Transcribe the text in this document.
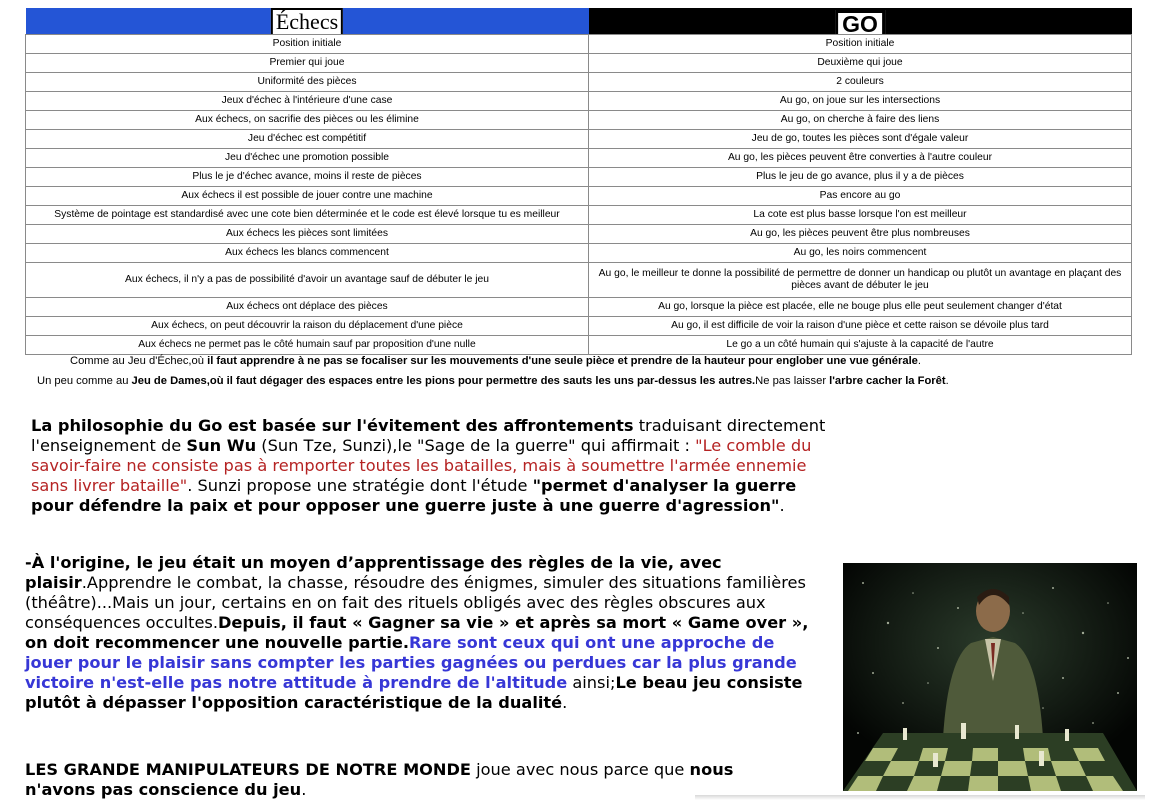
Échecs	GO

Position initiale	Position initiale
Premier qui joue	Deuxième qui joue
Uniformité des pièces	2 couleurs
Jeux d'échec à l'intérieure d'une case	Au go, on joue sur les intersections
Aux échecs, on sacrifie des pièces ou les élimine	Au go, on cherche à faire des liens
Jeu d'échec est compétitif	Jeu de go, toutes les pièces sont d'égale valeur
Jeu d'échec une promotion possible	Au go, les pièces peuvent être converties à l'autre couleur
Plus le je d'échec avance, moins il reste de pièces	Plus le jeu de go avance, plus il y a de pièces
Aux échecs il est possible de jouer contre une machine	Pas encore au go
Système de pointage est standardisé avec une cote bien déterminée et le code est élevé lorsque tu es meilleur	La cote est plus basse lorsque l'on est meilleur
Aux échecs les pièces sont limitées	Au go, les pièces peuvent être plus nombreuses
Aux échecs les blancs commencent	Au go, les noirs commencent
Aux échecs, il n'y a pas de possibilité d'avoir un avantage sauf de débuter le jeu	Au go, le meilleur te donne la possibilité de permettre de donner un handicap ou plutôt un avantage en plaçant des pièces avant de débuter le jeu
Aux échecs ont déplace des pièces	Au go, lorsque la pièce est placée, elle ne bouge plus elle peut seulement changer d'état
Aux échecs, on peut découvrir la raison du déplacement d'une pièce	Au go, il est difficile de voir la raison d'une pièce et cette raison se dévoile plus tard
Aux échecs ne permet pas le côté humain sauf par proposition d'une nulle	Le go a un côté humain qui s'ajuste à la capacité de l'autre
Comme au Jeu d'Échec,où il faut apprendre à ne pas se focaliser sur les mouvements d'une seule pièce et prendre de la hauteur pour englober une vue générale.
Un peu comme au Jeu de Dames,où il faut dégager des espaces entre les pions pour permettre des sauts les uns par-dessus les autres.Ne pas laisser l'arbre cacher la Forêt.
La philosophie du Go est basée sur l'évitement des affrontements traduisant directement l'enseignement de Sun Wu (Sun Tze, Sunzi),le "Sage de la guerre" qui affirmait : "Le comble du savoir-faire ne consiste pas à remporter toutes les batailles, mais à soumettre l'armée ennemie sans livrer bataille". Sunzi propose une stratégie dont l'étude "permet d'analyser la guerre pour défendre la paix et pour opposer une guerre juste à une guerre d'agression".
-À l'origine, le jeu était un moyen d’apprentissage des règles de la vie, avec plaisir.Apprendre le combat, la chasse, résoudre des énigmes, simuler des situations familières (théâtre)...Mais un jour, certains en on fait des rituels obligés avec des règles obscures aux conséquences occultes.Depuis, il faut « Gagner sa vie » et après sa mort « Game over », on doit recommencer une nouvelle partie.Rare sont ceux qui ont une approche de jouer pour le plaisir sans compter les parties gagnées ou perdues car la plus grande victoire n'est-elle pas notre attitude à prendre de l'altitude ainsi;Le beau jeu consiste plutôt à dépasser l'opposition caractéristique de la dualité.
LES GRANDE MANIPULATEURS DE NOTRE MONDE joue avec nous parce que nous n'avons pas conscience du jeu.
